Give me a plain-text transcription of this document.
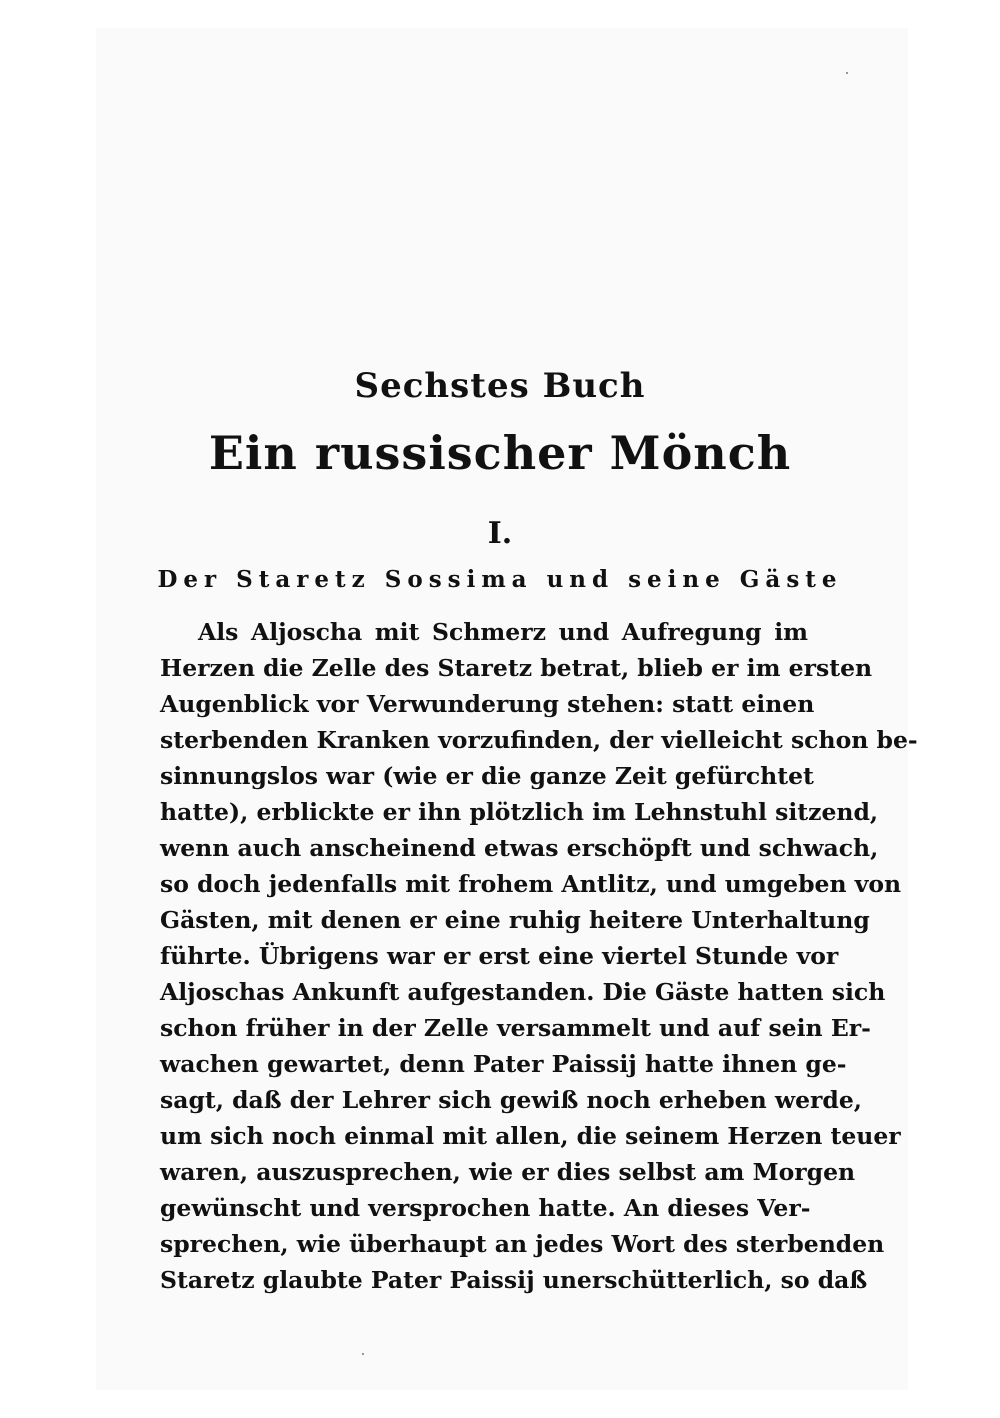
Sechstes Buch
Ein russischer Mönch
I.
Der Staretz Sossima und seine Gäste
Als Aljoscha mit Schmerz und Aufregung im
Herzen die Zelle des Staretz betrat, blieb er im ersten
Augenblick vor Verwunderung stehen: statt einen
sterbenden Kranken vorzufinden, der vielleicht schon be-
sinnungslos war (wie er die ganze Zeit gefürchtet
hatte), erblickte er ihn plötzlich im Lehnstuhl sitzend,
wenn auch anscheinend etwas erschöpft und schwach,
so doch jedenfalls mit frohem Antlitz, und umgeben von
Gästen, mit denen er eine ruhig heitere Unterhaltung
führte. Übrigens war er erst eine viertel Stunde vor
Aljoschas Ankunft aufgestanden. Die Gäste hatten sich
schon früher in der Zelle versammelt und auf sein Er-
wachen gewartet, denn Pater Paissij hatte ihnen ge-
sagt, daß der Lehrer sich gewiß noch erheben werde,
um sich noch einmal mit allen, die seinem Herzen teuer
waren, auszusprechen, wie er dies selbst am Morgen
gewünscht und versprochen hatte. An dieses Ver-
sprechen, wie überhaupt an jedes Wort des sterbenden
Staretz glaubte Pater Paissij unerschütterlich, so daß
